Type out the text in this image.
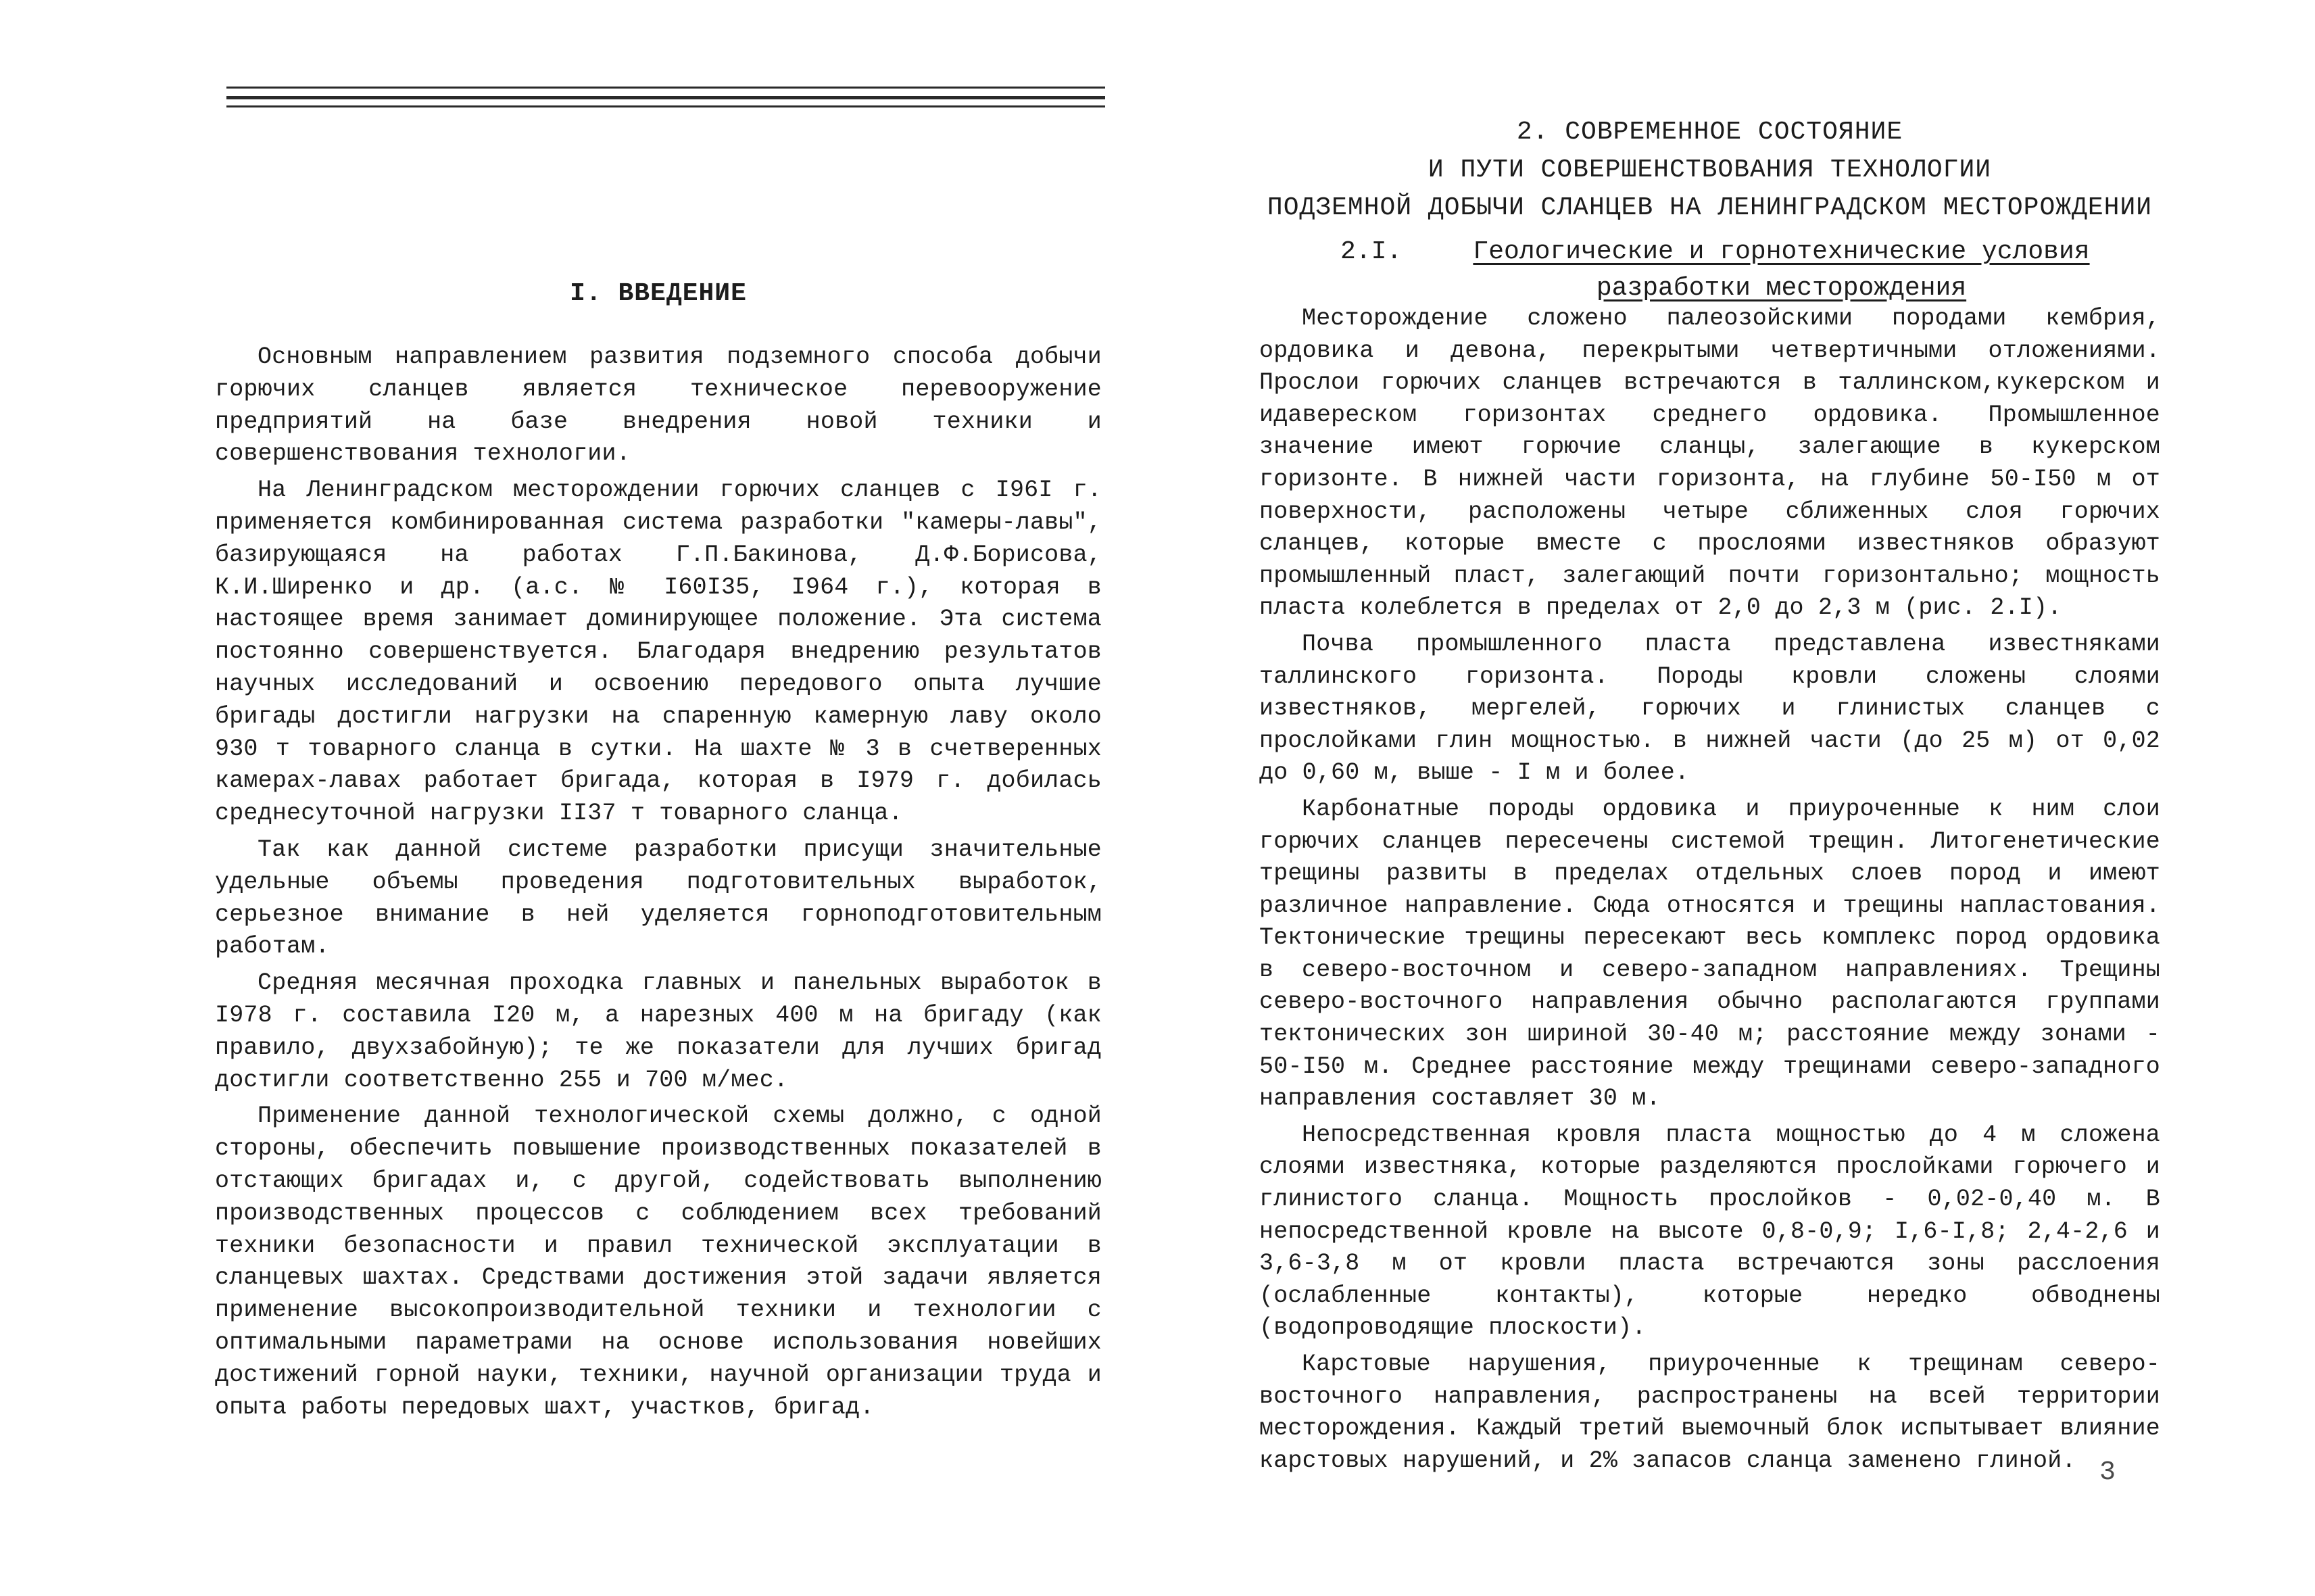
I. ВВЕДЕНИЕ

Основным направлением развития подземного способа добычи горючих сланцев является техническое перевооружение предприятий на базе внедрения новой техники и совершенствования технологии.

На Ленинградском месторождении горючих сланцев с I96I г. применяется комбинированная система разработки "камеры-лавы", базирующаяся на работах Г.П.Бакинова, Д.Ф.Борисова, К.И.Ширенко и др. (а.с. № I60I35, I964 г.), которая в настоящее время занимает доминирующее положение. Эта система постоянно совершенствуется. Благодаря внедрению результатов научных исследований и освоению передового опыта лучшие бригады достигли нагрузки на спаренную камерную лаву около 930 т товарного сланца в сутки. На шахте № 3 в счетверенных камерах-лавах работает бригада, которая в I979 г. добилась среднесуточной нагрузки II37 т товарного сланца.

Так как данной системе разработки присущи значительные удельные объемы проведения подготовительных выработок, серьезное внимание в ней уделяется горноподготовительным работам.

Средняя месячная проходка главных и панельных выработок в I978 г. составила I20 м, а нарезных 400 м на бригаду (как правило, двухзабойную); те же показатели для лучших бригад достигли соответственно 255 и 700 м/мес.

Применение данной технологической схемы должно, с одной стороны, обеспечить повышение производственных показателей в отстающих бригадах и, с другой, содействовать выполнению производственных процессов с соблюдением всех требований техники безопасности и правил технической эксплуатации в сланцевых шахтах. Средствами достижения этой задачи является применение высокопроизводительной техники и технологии с оптимальными параметрами на основе использования новейших достижений горной науки, техники, научной организации труда и опыта работы передовых шахт, участков, бригад.

2. СОВРЕМЕННОЕ СОСТОЯНИЕ

И ПУТИ СОВЕРШЕНСТВОВАНИЯ ТЕХНОЛОГИИ

ПОДЗЕМНОЙ ДОБЫЧИ СЛАНЦЕВ НА ЛЕНИНГРАДСКОМ МЕСТОРОЖДЕНИИ

2.I.	Геологические и горнотехнические условия разработки месторождения

Месторождение сложено палеозойскими породами кембрия, ордовика и девона, перекрытыми четвертичными отложениями. Прослои горючих сланцев встречаются в таллинском,кукерском и идавереском горизонтах среднего ордовика. Промышленное значение имеют горючие сланцы, залегающие в кукерском горизонте. В нижней части горизонта, на глубине 50-I50 м от поверхности, расположены четыре сближенных слоя горючих сланцев, которые вместе с прослоями известняков образуют промышленный пласт, залегающий почти горизонтально; мощность пласта колеблется в пределах от 2,0 до 2,3 м (рис. 2.I).

Почва промышленного пласта представлена известняками таллинского горизонта. Породы кровли сложены слоями известняков, мергелей, горючих и глинистых сланцев с прослойками глин мощностью. в нижней части (до 25 м) от 0,02 до 0,60 м, выше - I м и более.

Карбонатные породы ордовика и приуроченные к ним слои горючих сланцев пересечены системой трещин. Литогенетические трещины развиты в пределах отдельных слоев пород и имеют различное направление. Сюда относятся и трещины напластования. Тектонические трещины пересекают весь комплекс пород ордовика в северо-восточном и северо-западном направлениях. Трещины северо-восточного направления обычно располагаются группами тектонических зон шириной 30-40 м; расстояние между зонами - 50-I50 м. Среднее расстояние между трещинами северо-западного направления составляет 30 м.

Непосредственная кровля пласта мощностью до 4 м сложена слоями известняка, которые разделяются прослойками горючего и глинистого сланца. Мощность прослойков - 0,02-0,40 м. В непосредственной кровле на высоте 0,8-0,9; I,6-I,8; 2,4-2,6 и 3,6-3,8 м от кровли пласта встречаются зоны расслоения (ослабленные контакты), которые нередко обводнены (водопроводящие плоскости).

Карстовые нарушения, приуроченные к трещинам северо-восточного направления, распространены на всей территории месторождения. Каждый третий выемочный блок испытывает влияние карстовых нарушений, и 2% запасов сланца заменено глиной. 3
